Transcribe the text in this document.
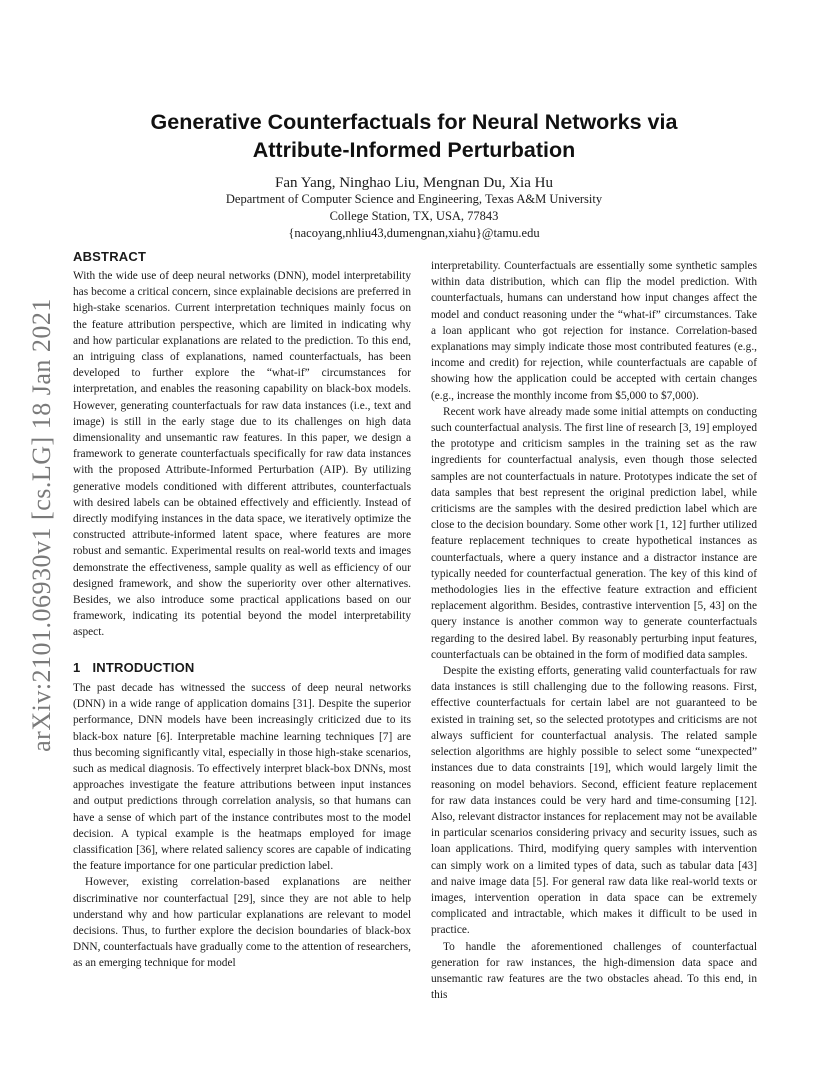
arXiv:2101.06930v1 [cs.LG] 18 Jan 2021
Generative Counterfactuals for Neural Networks via
Attribute-Informed Perturbation
Fan Yang, Ninghao Liu, Mengnan Du, Xia Hu
Department of Computer Science and Engineering, Texas A&M University
College Station, TX, USA, 77843
{nacoyang,nhliu43,dumengnan,xiahu}@tamu.edu
ABSTRACT

With the wide use of deep neural networks (DNN), model interpretability has become a critical concern, since explainable decisions are preferred in high-stake scenarios. Current interpretation techniques mainly focus on the feature attribution perspective, which are limited in indicating why and how particular explanations are related to the prediction. To this end, an intriguing class of explanations, named counterfactuals, has been developed to further explore the “what-if” circumstances for interpretation, and enables the reasoning capability on black-box models. However, generating counterfactuals for raw data instances (i.e., text and image) is still in the early stage due to its challenges on high data dimensionality and unsemantic raw features. In this paper, we design a framework to generate counterfactuals specifically for raw data instances with the proposed Attribute-Informed Perturbation (AIP). By utilizing generative models conditioned with different attributes, counterfactuals with desired labels can be obtained effectively and efficiently. Instead of directly modifying instances in the data space, we iteratively optimize the constructed attribute-informed latent space, where features are more robust and semantic. Experimental results on real-world texts and images demonstrate the effectiveness, sample quality as well as efficiency of our designed framework, and show the superiority over other alternatives. Besides, we also introduce some practical applications based on our framework, indicating its potential beyond the model interpretability aspect.

1 INTRODUCTION

The past decade has witnessed the success of deep neural networks (DNN) in a wide range of application domains [31]. Despite the superior performance, DNN models have been increasingly criticized due to its black-box nature [6]. Interpretable machine learning techniques [7] are thus becoming significantly vital, especially in those high-stake scenarios, such as medical diagnosis. To effectively interpret black-box DNNs, most approaches investigate the feature attributions between input instances and output predictions through correlation analysis, so that humans can have a sense of which part of the instance contributes most to the model decision. A typical example is the heatmaps employed for image classification [36], where related saliency scores are capable of indicating the feature importance for one particular prediction label.

However, existing correlation-based explanations are neither discriminative nor counterfactual [29], since they are not able to help understand why and how particular explanations are relevant to model decisions. Thus, to further explore the decision boundaries of black-box DNN, counterfactuals have gradually come to the attention of researchers, as an emerging technique for model

interpretability. Counterfactuals are essentially some synthetic samples within data distribution, which can flip the model prediction. With counterfactuals, humans can understand how input changes affect the model and conduct reasoning under the “what-if” circumstances. Take a loan applicant who got rejection for instance. Correlation-based explanations may simply indicate those most contributed features (e.g., income and credit) for rejection, while counterfactuals are capable of showing how the application could be accepted with certain changes (e.g., increase the monthly income from $5,000 to $7,000).

Recent work have already made some initial attempts on conducting such counterfactual analysis. The first line of research [3, 19] employed the prototype and criticism samples in the training set as the raw ingredients for counterfactual analysis, even though those selected samples are not counterfactuals in nature. Prototypes indicate the set of data samples that best represent the original prediction label, while criticisms are the samples with the desired prediction label which are close to the decision boundary. Some other work [1, 12] further utilized feature replacement techniques to create hypothetical instances as counterfactuals, where a query instance and a distractor instance are typically needed for counterfactual generation. The key of this kind of methodologies lies in the effective feature extraction and efficient replacement algorithm. Besides, contrastive intervention [5, 43] on the query instance is another common way to generate counterfactuals regarding to the desired label. By reasonably perturbing input features, counterfactuals can be obtained in the form of modified data samples.

Despite the existing efforts, generating valid counterfactuals for raw data instances is still challenging due to the following reasons. First, effective counterfactuals for certain label are not guaranteed to be existed in training set, so the selected prototypes and criticisms are not always sufficient for counterfactual analysis. The related sample selection algorithms are highly possible to select some “unexpected” instances due to data constraints [19], which would largely limit the reasoning on model behaviors. Second, efficient feature replacement for raw data instances could be very hard and time-consuming [12]. Also, relevant distractor instances for replacement may not be available in particular scenarios considering privacy and security issues, such as loan applications. Third, modifying query samples with intervention can simply work on a limited types of data, such as tabular data [43] and naive image data [5]. For general raw data like real-world texts or images, intervention operation in data space can be extremely complicated and intractable, which makes it difficult to be used in practice.

To handle the aforementioned challenges of counterfactual generation for raw instances, the high-dimension data space and unsemantic raw features are the two obstacles ahead. To this end, in this
